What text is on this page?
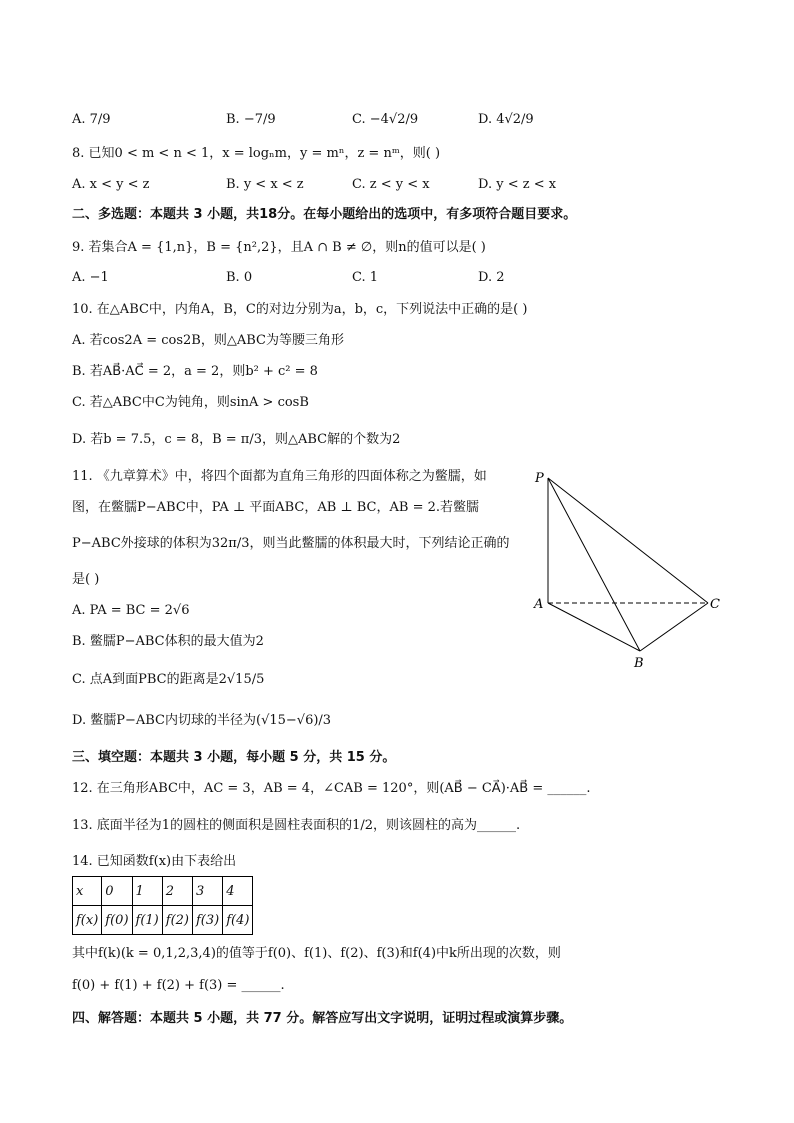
A. 7/9	B. −7/9	C. −4√2/9	D. 4√2/9
8. 已知0 < m < n < 1，x = logₙm，y = mⁿ，z = nᵐ，则( )
A. x < y < z	B. y < x < z	C. z < y < x	D. y < z < x
二、多选题：本题共 3 小题，共18分。在每小题给出的选项中，有多项符合题目要求。
9. 若集合A = {1,n}，B = {n²,2}，且A ∩ B ≠ ∅，则n的值可以是( )
A. −1	B. 0	C. 1	D. 2
10. 在△ABC中，内角A，B，C的对边分别为a，b，c，下列说法中正确的是( )
A. 若cos2A = cos2B，则△ABC为等腰三角形
B. 若AB⃗·AC⃗ = 2，a = 2，则b² + c² = 8
C. 若△ABC中C为钝角，则sinA > cosB
D. 若b = 7.5，c = 8，B = π/3，则△ABC解的个数为2
11. 《九章算术》中，将四个面都为直角三角形的四面体称之为鳖臑，如
图，在鳖臑P−ABC中，PA ⊥ 平面ABC，AB ⊥ BC，AB = 2.若鳖臑
P−ABC外接球的体积为32π/3，则当此鳖臑的体积最大时，下列结论正确的
是( )
A. PA = BC = 2√6
B. 鳖臑P−ABC体积的最大值为2
C. 点A到面PBC的距离是2√15/5
D. 鳖臑P−ABC内切球的半径为(√15−√6)/3
P
A
B
C
三、填空题：本题共 3 小题，每小题 5 分，共 15 分。
12. 在三角形ABC中，AC = 3，AB = 4，∠CAB = 120°，则(AB⃗ − CA⃗)·AB⃗ = ______.
13. 底面半径为1的圆柱的侧面积是圆柱表面积的1/2，则该圆柱的高为______.
14. 已知函数f(x)由下表给出
x	0	1	2	3	4
f(x)	f(0)	f(1)	f(2)	f(3)	f(4)
其中f(k)(k = 0,1,2,3,4)的值等于f(0)、f(1)、f(2)、f(3)和f(4)中k所出现的次数，则
f(0) + f(1) + f(2) + f(3) = ______.
四、解答题：本题共 5 小题，共 77 分。解答应写出文字说明，证明过程或演算步骤。
